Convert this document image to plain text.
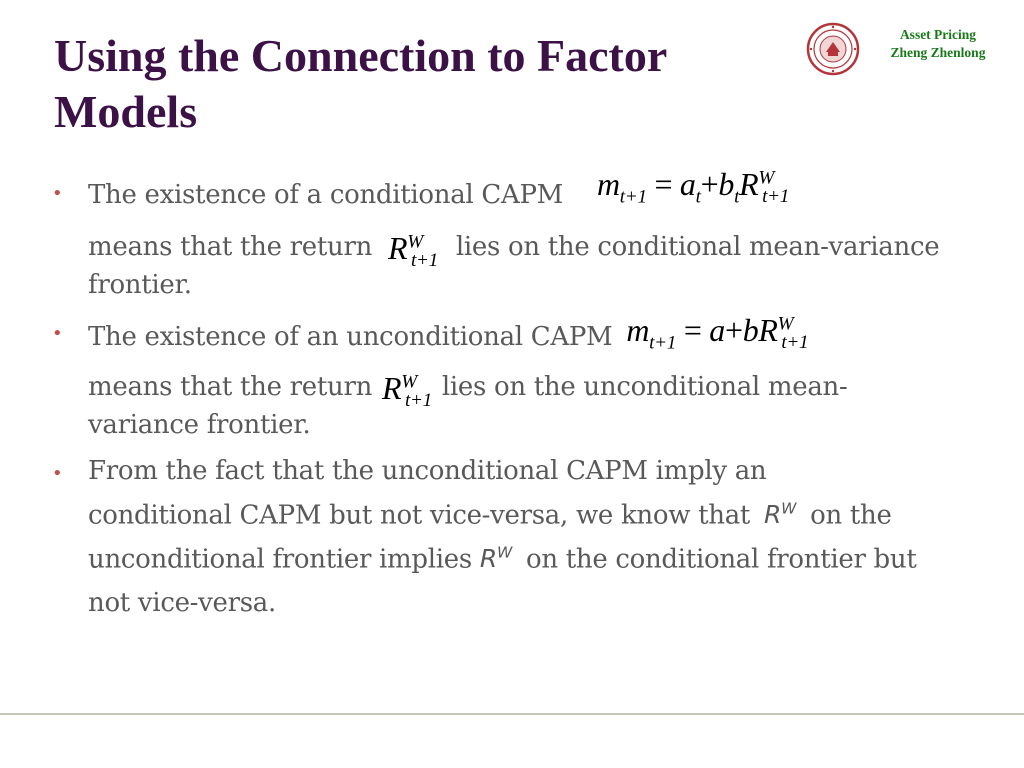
Using the Connection to Factor Models
Asset Pricing
Zheng Zhenlong
• The existence of a conditional CAPM $m_{t+1} = a_t+b_tR^W_{t+1}$
means that the return $R^W_{t+1}$ lies on the conditional mean-variance
frontier.
• The existence of an unconditional CAPM $m_{t+1} = a+bR^W_{t+1}$
means that the return $R^W_{t+1}$ lies on the unconditional mean-
variance frontier.
• From the fact that the unconditional CAPM imply an
conditional CAPM but not vice-versa, we know that $R^W$ on the
unconditional frontier implies $R^W$ on the conditional frontier but
not vice-versa.
